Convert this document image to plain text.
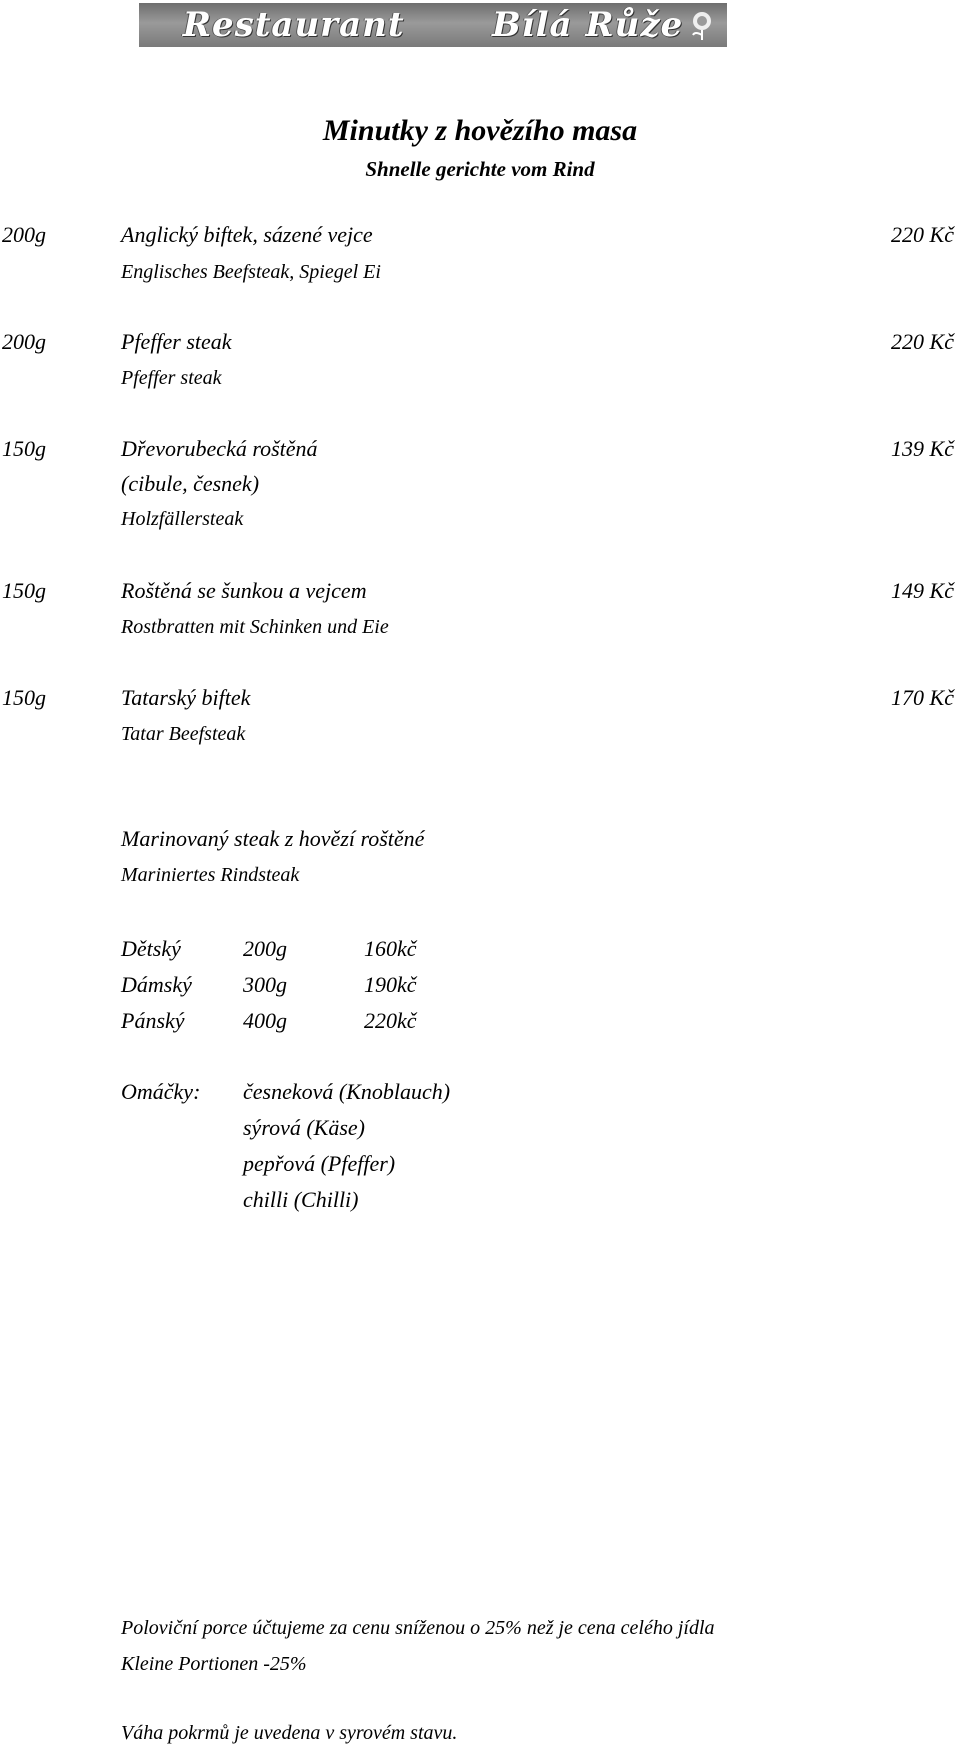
Restaurant	Bílá Růže
Minutky z hovězího masa
Shnelle gerichte vom Rind
200g	Anglický biftek, sázené vejce	220 Kč
Englisches Beefsteak, Spiegel Ei
200g	Pfeffer steak	220 Kč
Pfeffer steak
150g	Dřevorubecká roštěná	139 Kč
(cibule, česnek)
Holzfällersteak
150g	Roštěná se šunkou a vejcem	149 Kč
Rostbratten mit Schinken und Eie
150g	Tatarský biftek	170 Kč
Tatar Beefsteak
Marinovaný steak z hovězí roštěné
Mariniertes Rindsteak
Dětský	200g	160kč
Dámský 300g	190kč
Pánský	400g	220kč
Omáčky: česneková (Knoblauch)
sýrová (Käse)
pepřová (Pfeffer)
chilli (Chilli)
Poloviční porce účtujeme za cenu sníženou o 25% než je cena celého jídla
Kleine Portionen -25%
Váha pokrmů je uvedena v syrovém stavu.
